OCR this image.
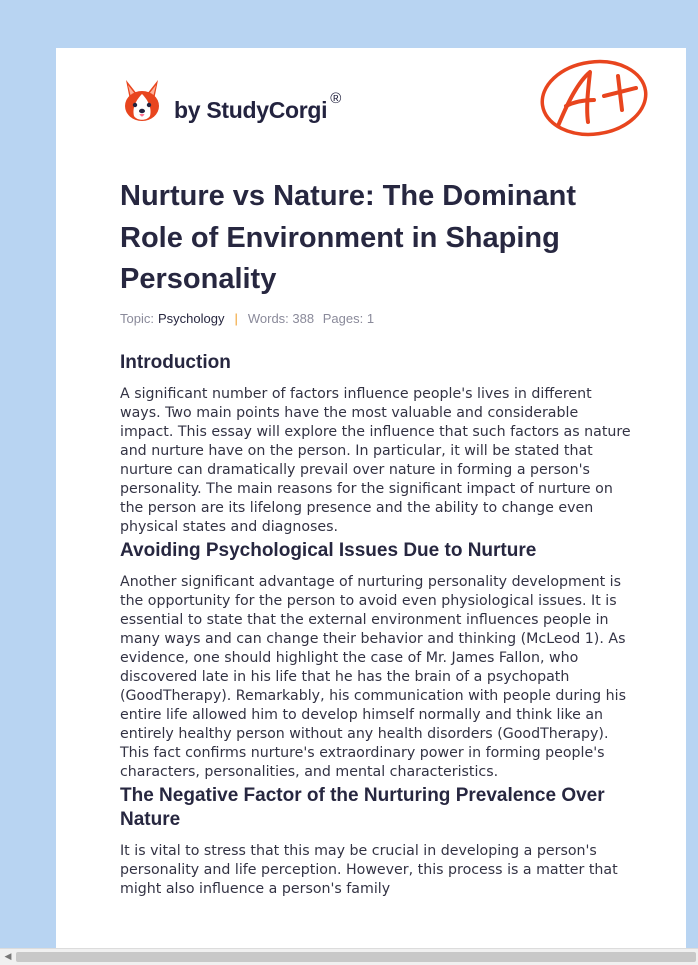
by StudyCorgi ®
Nurture vs Nature: The Dominant Role of Environment in Shaping Personality
Topic: Psychology | Words: 388 Pages: 1
Introduction

A significant number of factors influence people's lives in different ways. Two main points have the most valuable and considerable impact. This essay will explore the influence that such factors as nature and nurture have on the person. In particular, it will be stated that nurture can dramatically prevail over nature in forming a person's personality. The main reasons for the significant impact of nurture on the person are its lifelong presence and the ability to change even physical states and diagnoses.

Avoiding Psychological Issues Due to Nurture

Another significant advantage of nurturing personality development is the opportunity for the person to avoid even physiological issues. It is essential to state that the external environment influences people in many ways and can change their behavior and thinking (McLeod 1). As evidence, one should highlight the case of Mr. James Fallon, who discovered late in his life that he has the brain of a psychopath (GoodTherapy). Remarkably, his communication with people during his entire life allowed him to develop himself normally and think like an entirely healthy person without any health disorders (GoodTherapy). This fact confirms nurture's extraordinary power in forming people's characters, personalities, and mental characteristics.

The Negative Factor of the Nurturing Prevalence Over Nature

It is vital to stress that this may be crucial in developing a person's personality and life perception. However, this process is a matter that might also influence a person's family

◀
